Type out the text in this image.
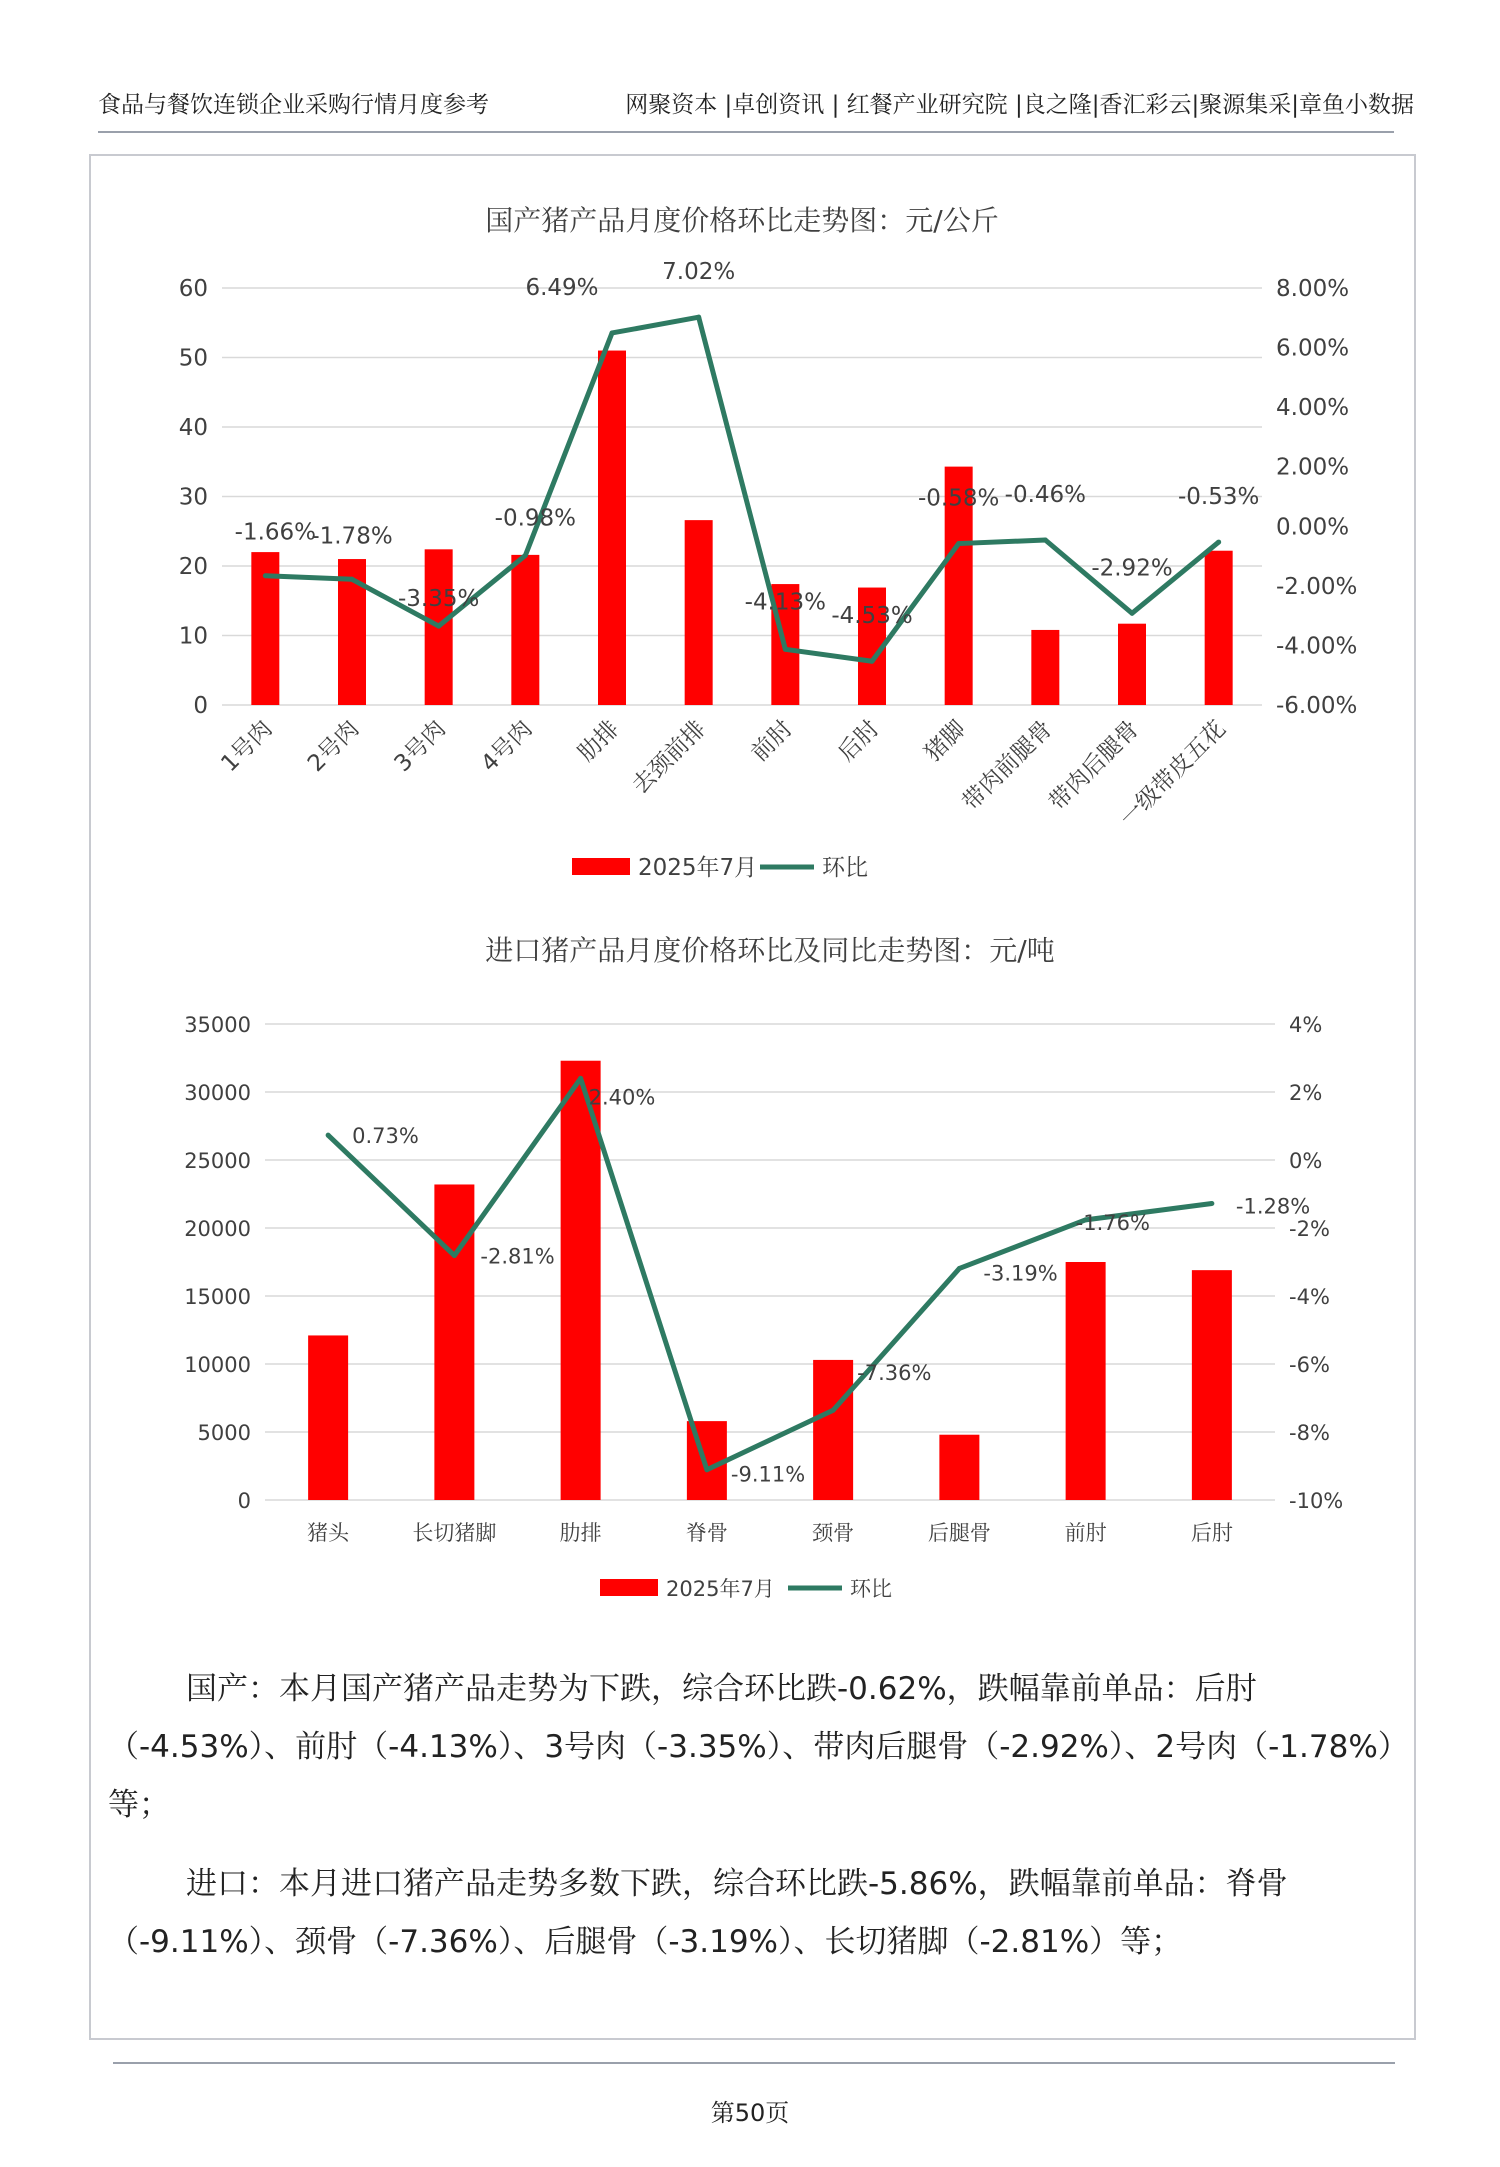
食品与餐饮连锁企业采购行情月度参考	网聚资本 |卓创资讯 | 红餐产业研究院 |良之隆|香汇彩云|聚源集采|章鱼小数据
国产猪产品月度价格环比走势图：元/公斤
0
10
20
30
40
50
60
-6.00%
-4.00%
-2.00%
0.00%
2.00%
4.00%
6.00%
8.00%
-1.66%
-1.78%
-3.35%
-0.98%
6.49%
7.02%
-4.13%
-4.53%
-0.58% -0.46%
-2.92%
-0.53%
1号肉 2号肉 3号肉 4号肉 肋排 去颈前排 前肘 后肘 猪脚
带肉前腿骨
带肉后腿骨
一级带皮五花
2025年7月	环比
进口猪产品月度价格环比及同比走势图：元/吨
0
5000
10000
15000
20000
25000
30000
35000
-10%
-8%
-6%
-4%
-2%
0%
2%
4%
0.73%
-2.81%
2.40%
-9.11%
-7.36%
-3.19%
-1.76%
-1.28%
猪头	长切猪脚	肋排	脊骨	颈骨	后腿骨	前肘	后肘
2025年7月	环比
国产：本月国产猪产品走势为下跌，综合环比跌-0.62%，跌幅靠前单品：后肘（-4.53%）、前肘（-4.13%）、3号肉（-3.35%）、带肉后腿骨（-2.92%）、2号肉（-1.78%）等；
进口：本月进口猪产品走势多数下跌，综合环比跌-5.86%，跌幅靠前单品：脊骨（-9.11%）、颈骨（-7.36%）、后腿骨（-3.19%）、长切猪脚（-2.81%）等；
第50页
